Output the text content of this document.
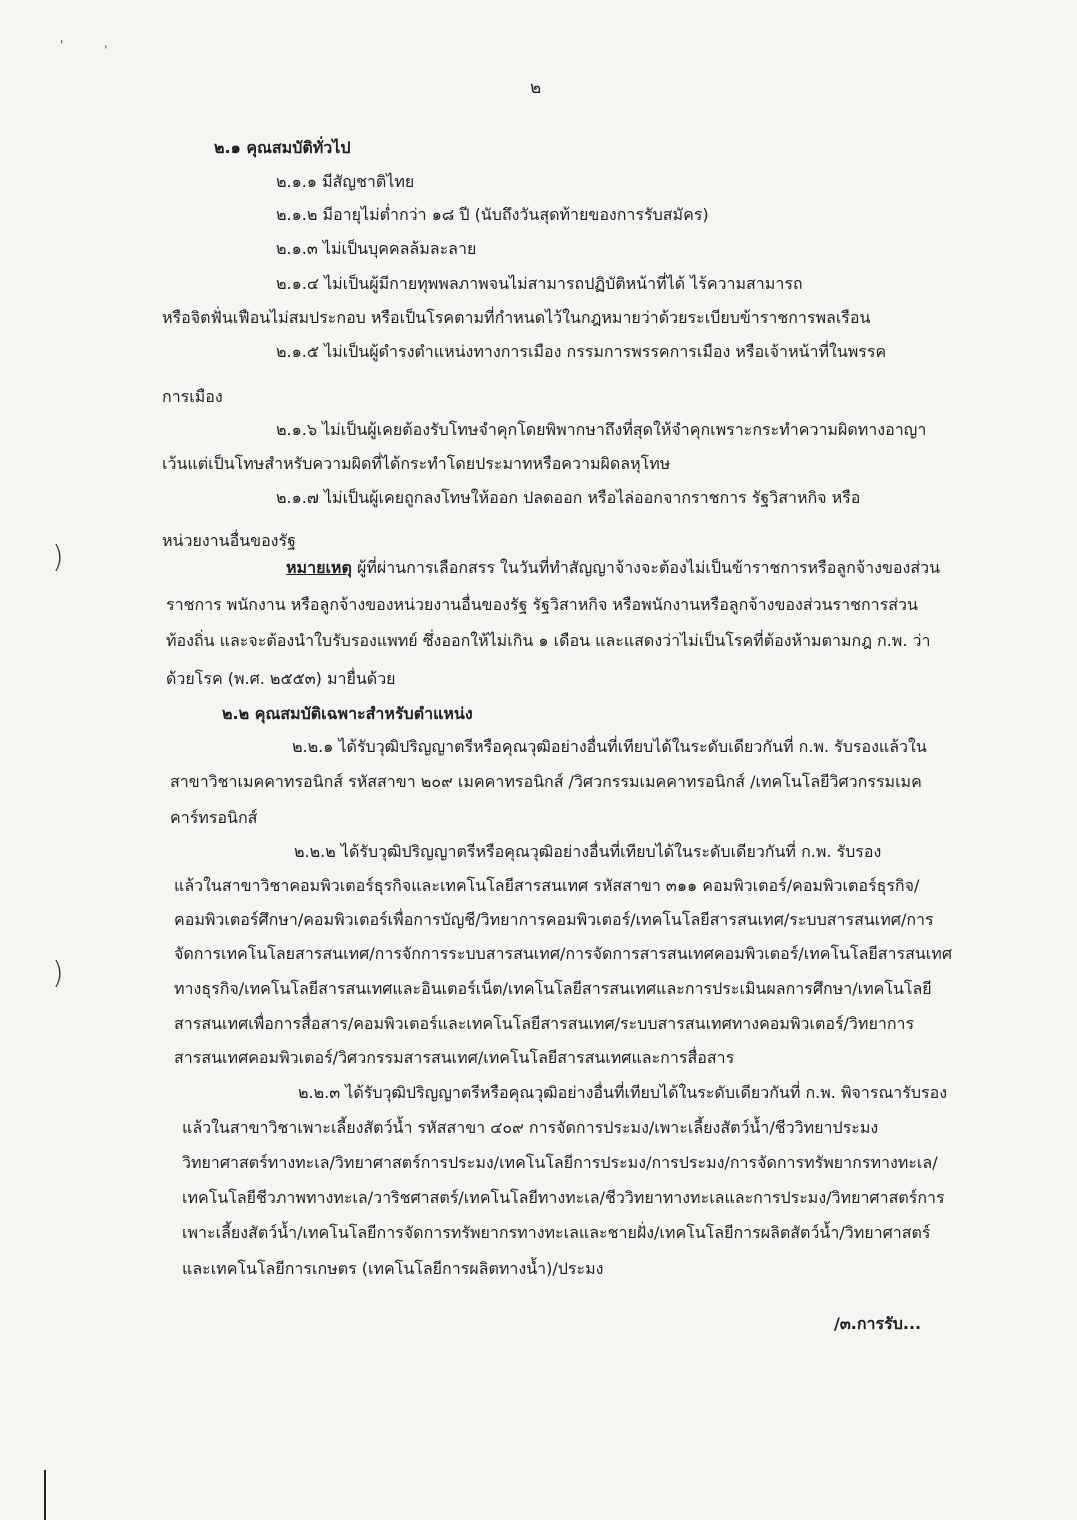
'	,
)
)
๒
๒.๑ คุณสมบัติทั่วไป
๒.๑.๑ มีสัญชาติไทย
๒.๑.๒ มีอายุไม่ต่ำกว่า ๑๘ ปี (นับถึงวันสุดท้ายของการรับสมัคร)
๒.๑.๓ ไม่เป็นบุคคลล้มละลาย
๒.๑.๔ ไม่เป็นผู้มีกายทุพพลภาพจนไม่สามารถปฏิบัติหน้าที่ได้ ไร้ความสามารถ
หรือจิตฟั่นเฟือนไม่สมประกอบ หรือเป็นโรคตามที่กำหนดไว้ในกฎหมายว่าด้วยระเบียบข้าราชการพลเรือน
๒.๑.๕ ไม่เป็นผู้ดำรงตำแหน่งทางการเมือง กรรมการพรรคการเมือง หรือเจ้าหน้าที่ในพรรค
การเมือง
๒.๑.๖ ไม่เป็นผู้เคยต้องรับโทษจำคุกโดยพิพากษาถึงที่สุดให้จำคุกเพราะกระทำความผิดทางอาญา
เว้นแต่เป็นโทษสำหรับความผิดที่ได้กระทำโดยประมาทหรือความผิดลหุโทษ
๒.๑.๗ ไม่เป็นผู้เคยถูกลงโทษให้ออก ปลดออก หรือไล่ออกจากราชการ รัฐวิสาหกิจ หรือ
หน่วยงานอื่นของรัฐ
หมายเหตุ ผู้ที่ผ่านการเลือกสรร ในวันที่ทำสัญญาจ้างจะต้องไม่เป็นข้าราชการหรือลูกจ้างของส่วน
ราชการ พนักงาน หรือลูกจ้างของหน่วยงานอื่นของรัฐ รัฐวิสาหกิจ หรือพนักงานหรือลูกจ้างของส่วนราชการส่วน
ท้องถิ่น และจะต้องนำใบรับรองแพทย์ ซึ่งออกให้ไม่เกิน ๑ เดือน และแสดงว่าไม่เป็นโรคที่ต้องห้ามตามกฎ ก.พ. ว่า
ด้วยโรค (พ.ศ. ๒๕๕๓) มายื่นด้วย
๒.๒ คุณสมบัติเฉพาะสำหรับตำแหน่ง
๒.๒.๑ ได้รับวุฒิปริญญาตรีหรือคุณวุฒิอย่างอื่นที่เทียบได้ในระดับเดียวกันที่ ก.พ. รับรองแล้วใน
สาขาวิชาเมคคาทรอนิกส์ รหัสสาขา ๒๐๙ เมคคาทรอนิกส์ /วิศวกรรมเมคคาทรอนิกส์ /เทคโนโลยีวิศวกรรมเมค
คาร์ทรอนิกส์
๒.๒.๒ ได้รับวุฒิปริญญาตรีหรือคุณวุฒิอย่างอื่นที่เทียบได้ในระดับเดียวกันที่ ก.พ. รับรอง
แล้วในสาขาวิชาคอมพิวเตอร์ธุรกิจและเทคโนโลยีสารสนเทศ รหัสสาขา ๓๑๑ คอมพิวเตอร์/คอมพิวเตอร์ธุรกิจ/
คอมพิวเตอร์ศึกษา/คอมพิวเตอร์เพื่อการบัญชี/วิทยาการคอมพิวเตอร์/เทคโนโลยีสารสนเทศ/ระบบสารสนเทศ/การ
จัดการเทคโนโลยสารสนเทศ/การจักการระบบสารสนเทศ/การจัดการสารสนเทศคอมพิวเตอร์/เทคโนโลยีสารสนเทศ
ทางธุรกิจ/เทคโนโลยีสารสนเทศและอินเตอร์เน็ต/เทคโนโลยีสารสนเทศและการประเมินผลการศึกษา/เทคโนโลยี
สารสนเทศเพื่อการสื่อสาร/คอมพิวเตอร์และเทคโนโลยีสารสนเทศ/ระบบสารสนเทศทางคอมพิวเตอร์/วิทยาการ
สารสนเทศคอมพิวเตอร์/วิศวกรรมสารสนเทศ/เทคโนโลยีสารสนเทศและการสื่อสาร
๒.๒.๓ ได้รับวุฒิปริญญาตรีหรือคุณวุฒิอย่างอื่นที่เทียบได้ในระดับเดียวกันที่ ก.พ. พิจารณารับรอง
แล้วในสาขาวิชาเพาะเลี้ยงสัตว์น้ำ รหัสสาขา ๔๐๙ การจัดการประมง/เพาะเลี้ยงสัตว์น้ำ/ชีววิทยาประมง
วิทยาศาสตร์ทางทะเล/วิทยาศาสตร์การประมง/เทคโนโลยีการประมง/การประมง/การจัดการทรัพยากรทางทะเล/
เทคโนโลยีชีวภาพทางทะเล/วาริชศาสตร์/เทคโนโลยีทางทะเล/ชีววิทยาทางทะเลและการประมง/วิทยาศาสตร์การ
เพาะเลี้ยงสัตว์น้ำ/เทคโนโลยีการจัดการทรัพยากรทางทะเลและชายฝั่ง/เทคโนโลยีการผลิตสัตว์น้ำ/วิทยาศาสตร์
และเทคโนโลยีการเกษตร (เทคโนโลยีการผลิตทางน้ำ)/ประมง
/๓.การรับ...
